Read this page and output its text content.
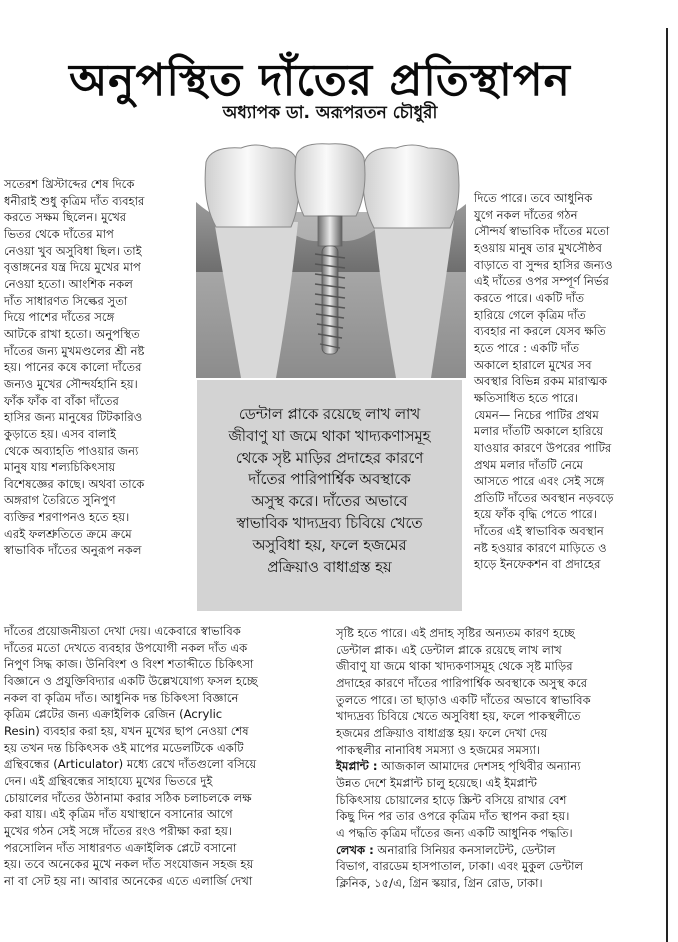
অনুপস্থিত দাঁতের প্রতিস্থাপন
অধ্যাপক ডা. অরূপরতন চৌধুরী

সতেরশ খ্রিস্টাব্দের শেষ দিকে

ধনীরাই শুধু কৃত্রিম দাঁত ব্যবহার

করতে সক্ষম ছিলেন। মুখের

ভিতর থেকে দাঁতের মাপ

নেওয়া খুব অসুবিধা ছিল। তাই

বৃত্তাঙ্গনের যন্ত্র দিয়ে মুখের মাপ

নেওয়া হতো। আংশিক নকল

দাঁত সাধারণত সিল্কের সুতা

দিয়ে পাশের দাঁতের সঙ্গে

আটকে রাখা হতো। অনুপস্থিত

দাঁতের জন্য মুখমণ্ডলের শ্রী নষ্ট

হয়। পানের কষে কালো দাঁতের

জন্যও মুখের সৌন্দর্যহানি হয়।

ফাঁক ফাঁক বা বাঁকা দাঁতের

হাসির জন্য মানুষের টিটকারিও

কুড়াতে হয়। এসব বালাই

থেকে অব্যাহতি পাওয়ার জন্য

মানুষ যায় শল্যচিকিৎসায়

বিশেষজ্ঞের কাছে। অথবা তাকে

অঙ্গরাগ তৈরিতে সুনিপুণ

ব্যক্তির শরণাপনও হতে হয়।

এরই ফলশ্রুতিতে ক্রমে ক্রমে

স্বাভাবিক দাঁতের অনুরূপ নকল

দিতে পারে। তবে আধুনিক

যুগে নকল দাঁতের গঠন

সৌন্দর্য স্বাভাবিক দাঁতের মতো

হওয়ায় মানুষ তার মুখসৌষ্ঠব

বাড়াতে বা সুন্দর হাসির জন্যও

এই দাঁতের ওপর সম্পূর্ণ নির্ভর

করতে পারে। একটি দাঁত

হারিয়ে গেলে কৃত্রিম দাঁত

ব্যবহার না করলে যেসব ক্ষতি

হতে পারে : একটি দাঁত

অকালে হারালে মুখের সব

অবস্থার বিভিন্ন রকম মারাত্মক

ক্ষতিসাধিত হতে পারে।

যেমন— নিচের পাটির প্রথম

মলার দাঁতটি অকালে হারিয়ে

যাওয়ার কারণে উপরের পাটির

প্রথম মলার দাঁতটি নেমে

আসতে পারে এবং সেই সঙ্গে

প্রতিটি দাঁতের অবস্থান নড়বড়ে

হয়ে ফাঁক বৃদ্ধি পেতে পারে।

দাঁতের এই স্বাভাবিক অবস্থান

নষ্ট হওয়ার কারণে মাড়িতে ও

হাড়ে ইনফেকশন বা প্রদাহের

ডেন্টাল প্লাকে রয়েছে লাখ লাখ

জীবাণু যা জমে থাকা খাদ্যকণাসমূহ

থেকে সৃষ্ট মাড়ির প্রদাহের কারণে

দাঁতের পারিপার্শ্বিক অবস্থাকে

অসুস্থ করে। দাঁতের অভাবে

স্বাভাবিক খাদ্যদ্রব্য চিবিয়ে খেতে

অসুবিধা হয়, ফলে হজমের

প্রক্রিয়াও বাধাগ্রস্ত হয়

দাঁতের প্রয়োজনীয়তা দেখা দেয়। একেবারে স্বাভাবিক

দাঁতের মতো দেখতে ব্যবহার উপযোগী নকল দাঁত এক

নিপুণ সিদ্ধ কাজ। উনিবিংশ ও বিংশ শতাব্দীতে চিকিৎসা

বিজ্ঞানে ও প্রযুক্তিবিদ্যার একটি উল্লেখযোগ্য ফসল হচ্ছে

নকল বা কৃত্রিম দাঁত। আধুনিক দন্ত চিকিৎসা বিজ্ঞানে

কৃত্রিম প্লেটের জন্য এক্রাইলিক রেজিন (Acrylic

Resin) ব্যবহার করা হয়, যখন মুখের ছাপ নেওয়া শেষ

হয় তখন দন্ত চিকিৎসক ওই মাপের মডেলটিকে একটি

গ্রন্থিবন্ধের (Articulator) মধ্যে রেখে দাঁতগুলো বসিয়ে

দেন। এই গ্রন্থিবন্ধের সাহায্যে মুখের ভিতরে দুই

চোয়ালের দাঁতের উঠানামা করার সঠিক চলাচলকে লক্ষ

করা যায়। এই কৃত্রিম দাঁত যথাস্থানে বসানোর আগে

মুখের গঠন সেই সঙ্গে দাঁতের রংও পরীক্ষা করা হয়।

পরসোলিন দাঁত সাধারণত এক্রাইলিক প্লেটে বসানো

হয়। তবে অনেকের মুখে নকল দাঁত সংযোজন সহজ হয়

না বা সেট হয় না। আবার অনেকের এতে এলার্জি দেখা

সৃষ্টি হতে পারে। এই প্রদাহ সৃষ্টির অন্যতম কারণ হচ্ছে

ডেন্টাল প্লাক। এই ডেন্টাল প্লাকে রয়েছে লাখ লাখ

জীবাণু যা জমে থাকা খাদ্যকণাসমূহ থেকে সৃষ্ট মাড়ির

প্রদাহের কারণে দাঁতের পারিপার্শ্বিক অবস্থাকে অসুস্থ করে

তুলতে পারে। তা ছাড়াও একটি দাঁতের অভাবে স্বাভাবিক

খাদ্যদ্রব্য চিবিয়ে খেতে অসুবিধা হয়, ফলে পাকস্থলীতে

হজমের প্রক্রিয়াও বাধাগ্রস্ত হয়। ফলে দেখা দেয়

পাকস্থলীর নানাবিধ সমস্যা ও হজমের সমস্যা।

ইমপ্লান্ট : আজকাল আমাদের দেশসহ পৃথিবীর অন্যান্য

উন্নত দেশে ইমপ্লান্ট চালু হয়েছে। এই ইমপ্লান্ট

চিকিৎসায় চোয়ালের হাড়ে স্ক্রিন্ট বসিয়ে রাখার বেশ

কিছু দিন পর তার ওপরে কৃত্রিম দাঁত স্থাপন করা হয়।

এ পদ্ধতি কৃত্রিম দাঁতের জন্য একটি আধুনিক পদ্ধতি।

লেখক : অনারারি সিনিয়র কনসালটেন্ট, ডেন্টাল

বিভাগ, বারডেম হাসপাতাল, ঢাকা। এবং মুকুল ডেন্টাল

ক্লিনিক, ১৫/এ, গ্রিন স্কয়ার, গ্রিন রোড, ঢাকা।
